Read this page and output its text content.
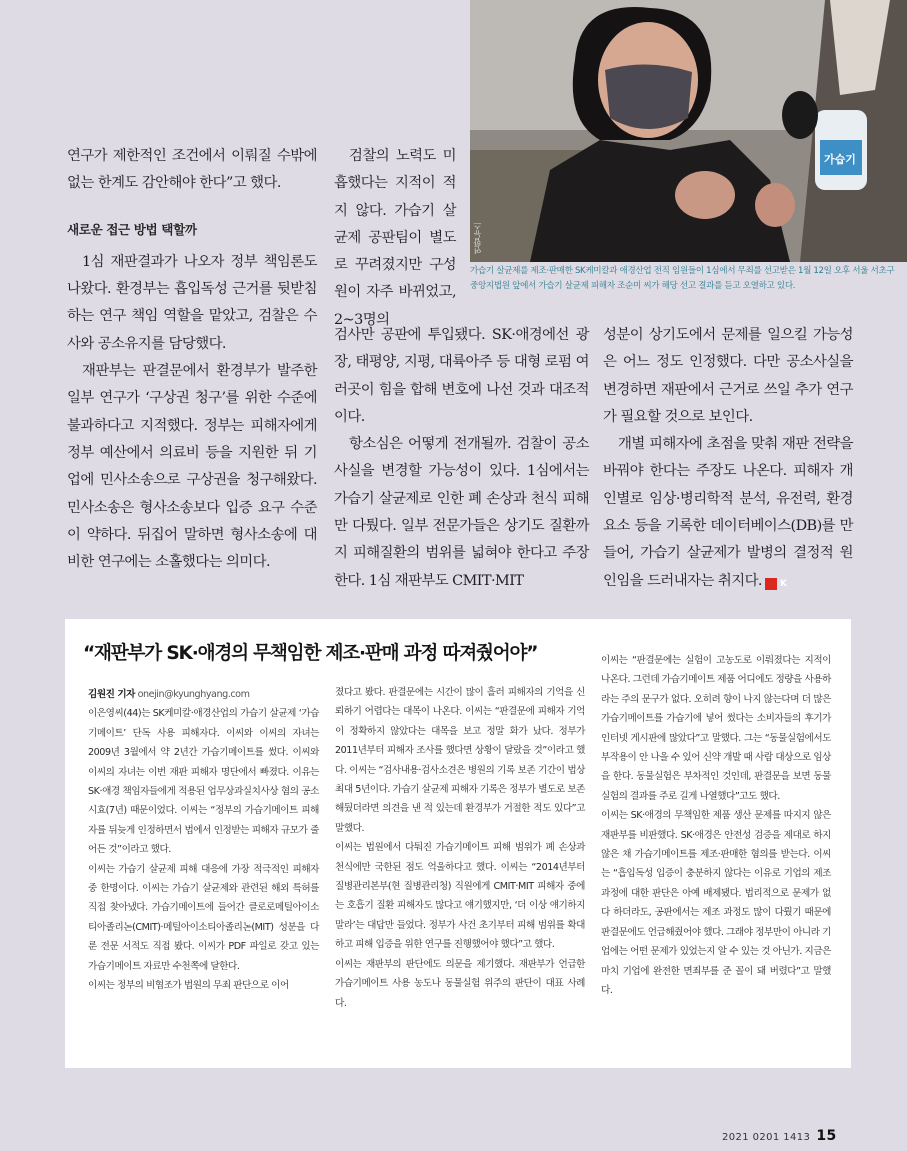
가습기
연합뉴스
가습기 살균제를 제조·판매한 SK케미칼과 애경산업 전직 임원들이 1심에서 무죄를 선고받은 1월 12일 오후 서울 서초구 중앙지법원 앞에서 가습기 살균제 피해자 조순미 씨가 해당 선고 결과를 듣고 오열하고 있다.

연구가 제한적인 조건에서 이뤄질 수밖에 없는 한계도 감안해야 한다”고 했다.

새로운 접근 방법 택할까

1심 재판결과가 나오자 정부 책임론도 나왔다. 환경부는 흡입독성 근거를 뒷받침하는 연구 책임 역할을 맡았고, 검찰은 수사와 공소유지를 담당했다.

재판부는 판결문에서 환경부가 발주한 일부 연구가 ‘구상권 청구’를 위한 수준에 불과하다고 지적했다. 정부는 피해자에게 정부 예산에서 의료비 등을 지원한 뒤 기업에 민사소송으로 구상권을 청구해왔다. 민사소송은 형사소송보다 입증 요구 수준이 약하다. 뒤집어 말하면 형사소송에 대비한 연구에는 소홀했다는 의미다.

검찰의 노력도 미흡했다는 지적이 적지 않다. 가습기 살균제 공판팀이 별도로 꾸려졌지만 구성원이 자주 바뀌었고, 2~3명의

검사만 공판에 투입됐다. SK·애경에선 광장, 태평양, 지평, 대륙아주 등 대형 로펌 여러곳이 힘을 합해 변호에 나선 것과 대조적이다.

항소심은 어떻게 전개될까. 검찰이 공소사실을 변경할 가능성이 있다. 1심에서는 가습기 살균제로 인한 폐 손상과 천식 피해만 다퉜다. 일부 전문가들은 상기도 질환까지 피해질환의 범위를 넓혀야 한다고 주장한다. 1심 재판부도 CMIT·MIT

성분이 상기도에서 문제를 일으킬 가능성은 어느 정도 인정했다. 다만 공소사실을 변경하면 재판에서 근거로 쓰일 추가 연구가 필요할 것으로 보인다.

개별 피해자에 초점을 맞춰 재판 전략을 바꿔야 한다는 주장도 나온다. 피해자 개인별로 임상·병리학적 분석, 유전력, 환경 요소 등을 기록한 데이터베이스(DB)를 만들어, 가습기 살균제가 발병의 결정적 원인임을 드러내자는 취지다. K

“재판부가 SK·애경의 무책임한 제조·판매 과정 따져줬어야”

김원진 기자 onejin@kyunghyang.com

이은영씨(44)는 SK케미칼·애경산업의 가습기 살균제 ‘가습기메이트’ 단독 사용 피해자다. 이씨와 이씨의 자녀는 2009년 3월에서 약 2년간 가습기메이트를 썼다. 이씨와 이씨의 자녀는 이번 재판 피해자 명단에서 빠졌다. 이유는 SK·애경 책임자들에게 적용된 업무상과실치사상 혐의 공소시효(7년) 때문이었다. 이씨는 “정부의 가습기메이트 피해자를 뒤늦게 인정하면서 법에서 인정받는 피해자 규모가 줄어든 것”이라고 했다.

이씨는 가습기 살균제 피해 대응에 가장 적극적인 피해자 중 한명이다. 이씨는 가습기 살균제와 관련된 해외 특허를 직접 찾아냈다. 가습기메이트에 들어간 클로로메틸아이소티아졸리논(CMIT)·메틸아이소티아졸리논(MIT) 성분을 다룬 전문 서적도 직접 봤다. 이씨가 PDF 파일로 갖고 있는 가습기메이트 자료만 수천쪽에 달한다.

이씨는 정부의 비협조가 법원의 무죄 판단으로 이어

졌다고 봤다. 판결문에는 시간이 많이 흘러 피해자의 기억을 신뢰하기 어렵다는 대목이 나온다. 이씨는 “판결문에 피해자 기억이 정확하지 않았다는 대목을 보고 정말 화가 났다. 정부가 2011년부터 피해자 조사를 했다면 상황이 달랐을 것”이라고 했다. 이씨는 “검사내용·검사소견은 병원의 기록 보존 기간이 법상 최대 5년이다. 가습기 살균제 피해자 기록은 정부가 별도로 보존해뒀더라면 의견을 낸 적 있는데 환경부가 거절한 적도 있다”고 말했다.

이씨는 법원에서 다퉈진 가습기메이트 피해 범위가 폐 손상과 천식에만 국한된 점도 억울하다고 했다. 이씨는 “2014년부터 질병관리본부(현 질병관리청) 직원에게 CMIT·MIT 피해자 중에는 호흡기 질환 피해자도 많다고 얘기했지만, ‘더 이상 얘기하지 말라’는 대답만 들었다. 정부가 사건 초기부터 피해 범위를 확대하고 피해 입증을 위한 연구를 진행했어야 했다”고 했다.

이씨는 재판부의 판단에도 의문을 제기했다. 재판부가 언급한 가습기메이트 사용 농도나 동물실험 위주의 판단이 대표 사례다.

이씨는 “판결문에는 실험이 고농도로 이뤄졌다는 지적이 나온다. 그런데 가습기메이트 제품 어디에도 정량을 사용하라는 주의 문구가 없다. 오히려 향이 나지 않는다며 더 많은 가습기메이트를 가습기에 넣어 썼다는 소비자들의 후기가 인터넷 게시판에 많았다”고 말했다. 그는 “동물실험에서도 부작용이 안 나올 수 있어 신약 개발 때 사람 대상으로 임상을 한다. 동물실험은 부차적인 것인데, 판결문을 보면 동물실험의 결과를 주로 길게 나열했다”고도 했다.

이씨는 SK·애경의 무책임한 제품 생산 문제를 따지지 않은 재판부를 비판했다. SK·애경은 안전성 검증을 제대로 하지 않은 채 가습기메이트를 제조·판매한 혐의를 받는다. 이씨는 “흡입독성 입증이 충분하지 않다는 이유로 기업의 제조 과정에 대한 판단은 아예 배제됐다. 법리적으로 문제가 없다 하더라도, 공판에서는 제조 과정도 많이 다뤘기 때문에 판결문에도 언급해줬어야 했다. 그래야 정부만이 아니라 기업에는 어떤 문제가 있었는지 알 수 있는 것 아닌가. 지금은 마치 기업에 완전한 면죄부를 준 꼴이 돼 버렸다”고 말했다.

2021 0201 1413 15
